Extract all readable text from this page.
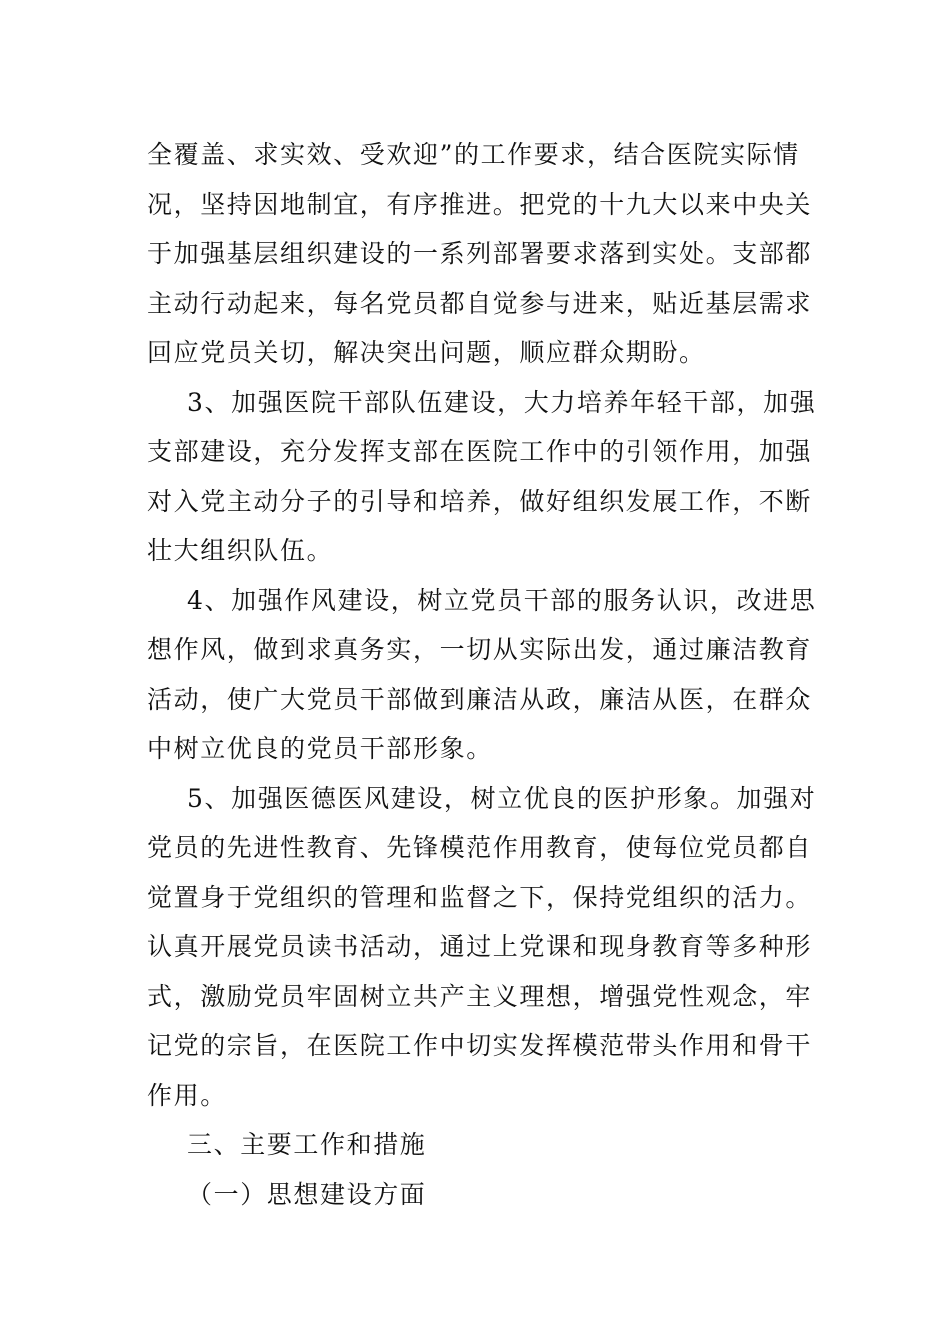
全覆盖、求实效、受欢迎”的工作要求，结合医院实际情
况，坚持因地制宜，有序推进。把党的十九大以来中央关
于加强基层组织建设的一系列部署要求落到实处。支部都
主动行动起来，每名党员都自觉参与进来，贴近基层需求
回应党员关切，解决突出问题，顺应群众期盼。
3、加强医院干部队伍建设，大力培养年轻干部，加强
支部建设，充分发挥支部在医院工作中的引领作用，加强
对入党主动分子的引导和培养，做好组织发展工作，不断
壮大组织队伍。
4、加强作风建设，树立党员干部的服务认识，改进思
想作风，做到求真务实，一切从实际出发，通过廉洁教育
活动，使广大党员干部做到廉洁从政，廉洁从医，在群众
中树立优良的党员干部形象。
5、加强医德医风建设，树立优良的医护形象。加强对
党员的先进性教育、先锋模范作用教育，使每位党员都自
觉置身于党组织的管理和监督之下，保持党组织的活力。
认真开展党员读书活动，通过上党课和现身教育等多种形
式，激励党员牢固树立共产主义理想，增强党性观念，牢
记党的宗旨，在医院工作中切实发挥模范带头作用和骨干
作用。
三、主要工作和措施
（一）思想建设方面
